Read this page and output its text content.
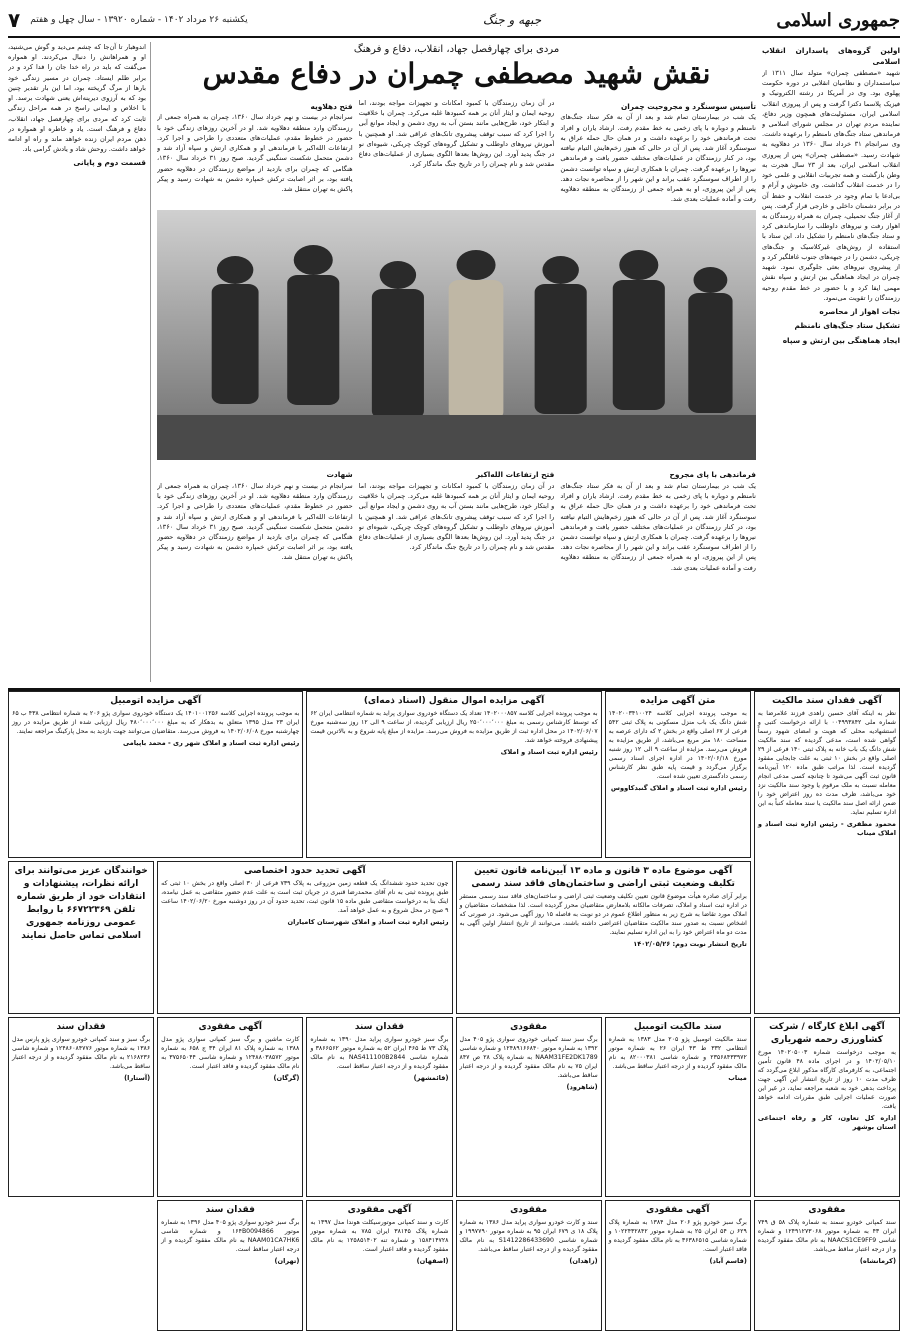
جمهوری اسلامی
جبهه و جنگ
یکشنبه ۲۶ مرداد ۱۴۰۲ - شماره ۱۳۹۲۰ - سال چهل و هفتم
۷
اولین گروه‌های پاسداران انقلاب اسلامی
شهید «مصطفی چمران» متولد سال ۱۳۱۱ از سیاستمداران و نظامیان انقلابی در دوره حکومت پهلوی بود. وی در آمریکا در رشته الکترونیک و فیزیک پلاسما دکترا گرفت و پس از پیروزی انقلاب اسلامی ایران، مسئولیت‌های همچون وزیر دفاع، نماینده مردم تهران در مجلس شورای اسلامی و فرماندهی ستاد جنگ‌های نامنظم را برعهده داشت. وی سرانجام ۳۱ خرداد سال ۱۳۶۰ در دهلاویه به شهادت رسید. «مصطفی چمران» پس از پیروزی انقلاب اسلامی ایران، بعد از ۲۳ سال هجرت به وطن بازگشت و همه تجربیات انقلابی و علمی خود را در خدمت انقلاب گذاشت. وی خاموش و آرام و بی‌ادعا با تمام وجود در خدمت انقلاب و حفظ آن در برابر دشمنان داخلی و خارجی قرار گرفت. پس از آغاز جنگ تحمیلی، چمران به همراه رزمندگان به اهواز رفت و نیروهای داوطلب را سازماندهی کرد و ستاد جنگ‌های نامنظم را تشکیل داد. این ستاد با استفاده از روش‌های غیرکلاسیک و جنگ‌های چریکی، دشمن را در جبهه‌های جنوب غافلگیر کرد و از پیشروی نیروهای بعثی جلوگیری نمود. شهید چمران در ایجاد هماهنگی بین ارتش و سپاه نقش مهمی ایفا کرد و با حضور در خط مقدم روحیه رزمندگان را تقویت می‌نمود.
نجات اهواز از محاصره
تشکیل ستاد جنگ‌های نامنظم
ایجاد هماهنگی بین ارتش و سپاه
مردی برای چهارفصل جهاد، انقلاب، دفاع و فرهنگ
نقش شهید مصطفی چمران در دفاع مقدس
تأسیس سوسنگرد و مجروحیت چمران
یک شب در بیمارستان تمام شد و بعد از آن به فکر ستاد جنگ‌های نامنظم و دوباره با پای زخمی به خط مقدم رفت. ارشاد یاران و افراد تحت فرماندهی خود را برعهده داشت و در همان حال حمله عراق به سوسنگرد آغاز شد. پس از آن در حالی که هنوز زخم‌هایش التیام نیافته بود، در کنار رزمندگان در عملیات‌های مختلف حضور یافت و فرماندهی نیروها را برعهده گرفت. چمران با همکاری ارتش و سپاه توانست دشمن را از اطراف سوسنگرد عقب براند و این شهر را از محاصره نجات دهد. پس از این پیروزی، او به همراه جمعی از رزمندگان به منطقه دهلاویه رفت و آماده عملیات بعدی شد.
در آن زمان رزمندگان با کمبود امکانات و تجهیزات مواجه بودند، اما روحیه ایمان و ایثار آنان بر همه کمبودها غلبه می‌کرد. چمران با خلاقیت و ابتکار خود، طرح‌هایی مانند بستن آب به روی دشمن و ایجاد موانع آبی را اجرا کرد که سبب توقف پیشروی تانک‌های عراقی شد. او همچنین با آموزش نیروهای داوطلب و تشکیل گروه‌های کوچک چریکی، شیوه‌ای نو در جنگ پدید آورد. این روش‌ها بعدها الگوی بسیاری از عملیات‌های دفاع مقدس شد و نام چمران را در تاریخ جنگ ماندگار کرد.
فتح دهلاویه
سرانجام در بیست و نهم خرداد سال ۱۳۶۰، چمران به همراه جمعی از رزمندگان وارد منطقه دهلاویه شد. او در آخرین روزهای زندگی خود با حضور در خطوط مقدم، عملیات‌های متعددی را طراحی و اجرا کرد. ارتفاعات الله‌اکبر با فرماندهی او و همکاری ارتش و سپاه آزاد شد و دشمن متحمل شکست سنگینی گردید. صبح روز ۳۱ خرداد سال ۱۳۶۰، هنگامی که چمران برای بازدید از مواضع رزمندگان در دهلاویه حضور یافته بود، بر اثر اصابت ترکش خمپاره دشمن به شهادت رسید و پیکر پاکش به تهران منتقل شد.
فرماندهی با پای مجروح
یک شب در بیمارستان تمام شد و بعد از آن به فکر ستاد جنگ‌های نامنظم و دوباره با پای زخمی به خط مقدم رفت. ارشاد یاران و افراد تحت فرماندهی خود را برعهده داشت و در همان حال حمله عراق به سوسنگرد آغاز شد. پس از آن در حالی که هنوز زخم‌هایش التیام نیافته بود، در کنار رزمندگان در عملیات‌های مختلف حضور یافت و فرماندهی نیروها را برعهده گرفت. چمران با همکاری ارتش و سپاه توانست دشمن را از اطراف سوسنگرد عقب براند و این شهر را از محاصره نجات دهد. پس از این پیروزی، او به همراه جمعی از رزمندگان به منطقه دهلاویه رفت و آماده عملیات بعدی شد.
فتح ارتفاعات الله‌اکبر
در آن زمان رزمندگان با کمبود امکانات و تجهیزات مواجه بودند، اما روحیه ایمان و ایثار آنان بر همه کمبودها غلبه می‌کرد. چمران با خلاقیت و ابتکار خود، طرح‌هایی مانند بستن آب به روی دشمن و ایجاد موانع آبی را اجرا کرد که سبب توقف پیشروی تانک‌های عراقی شد. او همچنین با آموزش نیروهای داوطلب و تشکیل گروه‌های کوچک چریکی، شیوه‌ای نو در جنگ پدید آورد. این روش‌ها بعدها الگوی بسیاری از عملیات‌های دفاع مقدس شد و نام چمران را در تاریخ جنگ ماندگار کرد.
شهادت
سرانجام در بیست و نهم خرداد سال ۱۳۶۰، چمران به همراه جمعی از رزمندگان وارد منطقه دهلاویه شد. او در آخرین روزهای زندگی خود با حضور در خطوط مقدم، عملیات‌های متعددی را طراحی و اجرا کرد. ارتفاعات الله‌اکبر با فرماندهی او و همکاری ارتش و سپاه آزاد شد و دشمن متحمل شکست سنگینی گردید. صبح روز ۳۱ خرداد سال ۱۳۶۰، هنگامی که چمران برای بازدید از مواضع رزمندگان در دهلاویه حضور یافته بود، بر اثر اصابت ترکش خمپاره دشمن به شهادت رسید و پیکر پاکش به تهران منتقل شد.
اندوهبار تا آن‌جا که چشم می‌دید و گوش می‌شنید، او و همراهانش را دنبال می‌کردند. او همواره می‌گفت که باید در راه خدا جان را فدا کرد و در برابر ظلم ایستاد. چمران در مسیر زندگی خود بارها از مرگ گریخته بود، اما این بار تقدیر چنین بود که به آرزوی دیرینه‌اش یعنی شهادت برسد. او با اخلاص و ایمانی راسخ در همه مراحل زندگی ثابت کرد که مردی برای چهارفصل جهاد، انقلاب، دفاع و فرهنگ است. یاد و خاطره او همواره در ذهن مردم ایران زنده خواهد ماند و راه او ادامه خواهد داشت. روحش شاد و یادش گرامی باد.
قسمت دوم و پایانی
آگهی فقدان سند مالکیت
نظر به اینکه آقای حسین زاهدی فرزند غلامرضا به شماره ملی ۰۰۴۹۹۳۸۴۲ با ارائه درخواست کتبی و استشهادیه محلی که هویت و امضای شهود رسماً گواهی شده است، مدعی گردیده که سند مالکیت شش دانگ یک باب خانه به پلاک ثبتی ۱۴۰ فرعی از ۲۹ اصلی واقع در بخش ۱۰ ثبتی به علت جابجایی مفقود گردیده است. لذا مراتب طبق ماده ۱۲۰ آیین‌نامه قانون ثبت آگهی می‌شود تا چنانچه کسی مدعی انجام معامله نسبت به ملک مرقوم یا وجود سند مالکیت نزد خود می‌باشد، ظرف مدت ده روز اعتراض خود را ضمن ارائه اصل سند مالکیت یا سند معامله کتباً به این اداره تسلیم نماید.
محمود مظفری - رئیس اداره ثبت اسناد و املاک میناب
متن آگهی مزایده
به موجب پرونده اجرایی کلاسه ۱۴۰۲۰۰۳۴۱۰۰۲۴ شش دانگ یک باب منزل مسکونی به پلاک ثبتی ۵۴۲ فرعی از ۶۷ اصلی واقع در بخش ۲ که دارای عرصه به مساحت ۱۸۰ متر مربع می‌باشد، از طریق مزایده به فروش می‌رسد. مزایده از ساعت ۹ الی ۱۲ روز شنبه مورخ ۱۴۰۲/۰۶/۱۸ در اداره اجرای اسناد رسمی برگزار می‌گردد و قیمت پایه طبق نظر کارشناس رسمی دادگستری تعیین شده است.
رئیس اداره ثبت اسناد و املاک گنبدکاووس
آگهی مزایده اموال منقول (اسناد ذمه‌ای)
به موجب پرونده اجرایی کلاسه ۱۴۰۲۰۰۰۸۵۷ تعداد یک دستگاه خودروی سواری پراید به شماره انتظامی ایران ۶۲ که توسط کارشناس رسمی به مبلغ ۲۵۰٬۰۰۰٬۰۰۰ ریال ارزیابی گردیده، از ساعت ۹ الی ۱۲ روز سه‌شنبه مورخ ۱۴۰۲/۰۶/۰۷ در محل اداره ثبت از طریق مزایده به فروش می‌رسد. مزایده از مبلغ پایه شروع و به بالاترین قیمت پیشنهادی فروخته خواهد شد.
رئیس اداره ثبت اسناد و املاک
آگهی مزایده اتومبیل
به موجب پرونده اجرایی کلاسه ۱۴۰۱۰۰۱۲۵۶ یک دستگاه خودروی سواری پژو ۲۰۶ به شماره انتظامی ۴۳۸ ب ۶۵ ایران ۲۳ مدل ۱۳۹۵ متعلق به بدهکار که به مبلغ ۴۸۰٬۰۰۰٬۰۰۰ ریال ارزیابی شده از طریق مزایده در روز چهارشنبه مورخ ۱۴۰۲/۰۶/۰۸ به فروش می‌رسد. متقاضیان می‌توانند جهت بازدید به محل پارکینگ مراجعه نمایند.
رئیس اداره ثبت اسناد و املاک شهر ری - محمد باپیامی
آگهی موضوع ماده ۳ قانون و ماده ۱۳ آیین‌نامه قانون تعیین تکلیف وضعیت ثبتی اراضی و ساختمان‌های فاقد سند رسمی
برابر آرای صادره هیأت موضوع قانون تعیین تکلیف وضعیت ثبتی اراضی و ساختمان‌های فاقد سند رسمی مستقر در اداره ثبت اسناد و املاک، تصرفات مالکانه بلامعارض متقاضیان محرز گردیده است. لذا مشخصات متقاضیان و املاک مورد تقاضا به شرح زیر به منظور اطلاع عموم در دو نوبت به فاصله ۱۵ روز آگهی می‌شود. در صورتی که اشخاص نسبت به صدور سند مالکیت متقاضیان اعتراضی داشته باشند، می‌توانند از تاریخ انتشار اولین آگهی به مدت دو ماه اعتراض خود را به این اداره تسلیم نمایند.
تاریخ انتشار نوبت دوم: ۱۴۰۲/۰۵/۲۶
آگهی تحدید حدود اختصاصی
چون تحدید حدود ششدانگ یک قطعه زمین مزروعی به پلاک ۷۳۹ فرعی از ۳۰ اصلی واقع در بخش ۱۰ ثبتی که طبق پرونده ثبتی به نام آقای محمدرضا قنبری در جریان ثبت است به علت عدم حضور متقاضی به عمل نیامده، اینک بنا به درخواست متقاضی طبق ماده ۱۵ قانون ثبت، تحدید حدود آن در روز دوشنبه مورخ ۱۴۰۲/۰۶/۲۰ ساعت ۹ صبح در محل شروع و به عمل خواهد آمد.
رئیس اداره ثبت اسناد و املاک شهرستان کامیاران
خوانندگان عزیز می‌توانند برای ارائه نظرات، پیشنهادات و انتقادات خود از طریق شماره تلفن ۶۶۷۲۲۳۶۹ با روابط عمومی روزنامه جمهوری اسلامی تماس حاصل نمایند
آگهی ابلاغ کارگاه / شرکت کشاورزی رحمه شهریاری
به موجب درخواست شماره ۱۴۰۲۰۵۰۰۳ مورخ ۱۴۰۲/۰۵/۱۰ و در اجرای ماده ۴۸ قانون تأمین اجتماعی، به کارفرمای کارگاه مذکور ابلاغ می‌گردد که ظرف مدت ۱۰ روز از تاریخ انتشار این آگهی جهت پرداخت بدهی خود به شعبه مراجعه نماید، در غیر این صورت عملیات اجرایی طبق مقررات ادامه خواهد یافت.
اداره کل تعاون، کار و رفاه اجتماعی استان بوشهر
سند مالکیت اتومبیل
سند مالکیت اتومبیل پژو ۲۰۵ مدل ۱۳۸۳ به شماره انتظامی ۳۳۲ ط ۴۳ ایران ۲۶ به شماره موتور ۲۳۵۶۸۴۳۳۹۷۲ و شماره شاسی ۸۲۰۰۰۳۸۱ به نام مالک مفقود گردیده و از درجه اعتبار ساقط می‌باشد.
میناب
مفقودی
برگ سبز سند کمپانی خودروی سواری پژو ۴۰۵ مدل ۱۳۹۲ به شماره موتور ۱۲۴۸۹۱۶۶۸۴۰ و شماره شاسی NAAM31FE2DK1789 به شماره پلاک ۲۸ ص ۸۴۷ ایران ۷۵ به نام مالک مفقود گردیده و از درجه اعتبار ساقط می‌باشد.
(شاهرود)
فقدان سند
برگ سبز خودرو سواری پراید مدل ۱۳۹۰ به شماره پلاک ۷۳ ط ۴۶۵ ایران ۵۲ به شماره موتور ۳۸۶۶۵۶۲ و شماره شاسی NAS411100B2844 به نام مالک مفقود گردیده و از درجه اعتبار ساقط است.
(قائمشهر)
آگهی مفقودی
کارت ماشین و برگ سبز کمپانی سواری پژو مدل ۱۳۸۸ به شماره پلاک ۸۱ ایران ۳۴ ج ۶۵۸ به شماره موتور ۱۲۴۸۸۰۳۸۵۷۲ و شماره شاسی ۳۷۵۶۵۰۴۴ به نام مالک مفقود گردیده و فاقد اعتبار است.
(گرگان)
فقدان سند
برگ سبز و سند کمپانی خودرو سواری پژو پارس مدل ۱۳۸۶ به شماره موتور ۱۲۴۸۶۰۸۴۷۷۶ و شماره شاسی ۲۱۶۸۲۳۶ به نام مالک مفقود گردیده و از درجه اعتبار ساقط می‌باشد.
(آستارا)
مفقودی
سند کمپانی خودرو سمند به شماره پلاک ۵۸ ق ۷۴۹ ایران ۴۳ به شماره موتور ۱۲۴۹۱۲۷۳۰۶۸ و شماره شاسی NAACS1CE9FF9 به نام مالک مفقود گردیده و از درجه اعتبار ساقط می‌باشد.
(کرمانشاه)
آگهی مفقودی
برگ سبز خودرو پژو ۲۰۶ مدل ۱۳۸۴ به شماره پلاک ۶۲۹ ن ۵۴ ایران ۲۵ به شماره موتور ۱۰۲۲۴۳۲۸۴۲ و شماره شاسی ۳۶۳۸۶۵۱۵ به نام مالک مفقود گردیده و فاقد اعتبار است.
(قاسم آباد)
مفقودی
سند و کارت خودرو سواری پراید مدل ۱۳۸۶ به شماره پلاک ۱۸ ی ۶۷۹ ایران ۹۵ به شماره موتور ۱۹۹۷۷۹۰ و شماره شاسی S1412286433690 به نام مالک مفقود گردیده و از درجه اعتبار ساقط می‌باشد.
(زاهدان)
آگهی مفقودی
کارت و سند کمپانی موتورسیکلت هوندا مدل ۱۳۹۷ به شماره پلاک ۳۸۱۴۵ ایران ۷۸۵ به شماره موتور ۱۵۸۴۱۴۷۲۸ و شماره تنه ۱۲۵۸۵۱۴۰۲ به نام مالک مفقود گردیده و فاقد اعتبار است.
(اصفهان)
فقدان سند
برگ سبز خودرو سواری پژو ۴۰۵ مدل ۱۳۹۶ به شماره موتور ۱۶۴B0094866 و شماره شاسی NAAM01CA7HK6 به نام مالک مفقود گردیده و از درجه اعتبار ساقط است.
(تهران)
